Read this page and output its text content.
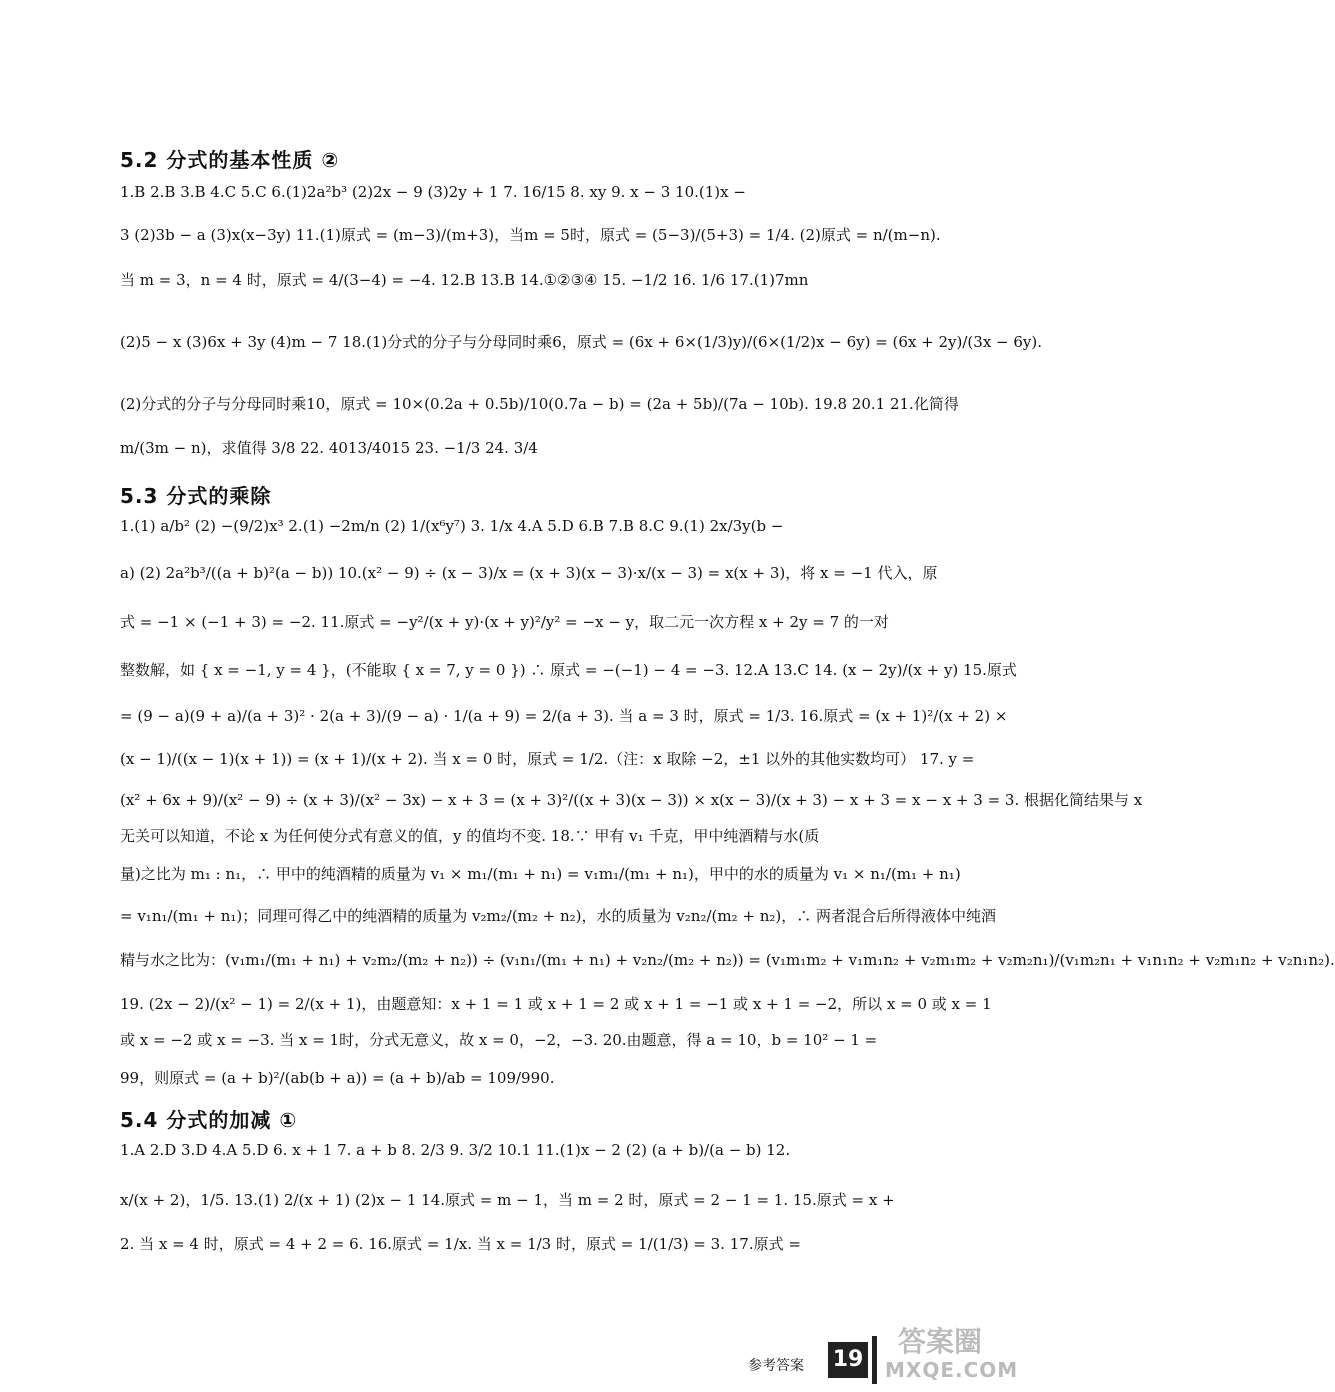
5.2 分式的基本性质 ②
1.B 2.B 3.B 4.C 5.C 6.(1)2a²b³ (2)2x − 9 (3)2y + 1 7. 16/15 8. xy 9. x − 3 10.(1)x −
3 (2)3b − a (3)x(x−3y) 11.(1)原式 = (m−3)/(m+3)，当m = 5时，原式 = (5−3)/(5+3) = 1/4. (2)原式 = n/(m−n).
当 m = 3，n = 4 时，原式 = 4/(3−4) = −4. 12.B 13.B 14.①②③④ 15. −1/2 16. 1/6 17.(1)7mn
(2)5 − x (3)6x + 3y (4)m − 7 18.(1)分式的分子与分母同时乘6，原式 = (6x + 6×(1/3)y)/(6×(1/2)x − 6y) = (6x + 2y)/(3x − 6y).
(2)分式的分子与分母同时乘10，原式 = 10×(0.2a + 0.5b)/10(0.7a − b) = (2a + 5b)/(7a − 10b). 19.8 20.1 21.化简得
m/(3m − n)，求值得 3/8 22. 4013/4015 23. −1/3 24. 3/4
5.3 分式的乘除
1.(1) a/b² (2) −(9/2)x³ 2.(1) −2m/n (2) 1/(x⁶y⁷) 3. 1/x 4.A 5.D 6.B 7.B 8.C 9.(1) 2x/3y(b −
a) (2) 2a²b³/((a + b)²(a − b)) 10.(x² − 9) ÷ (x − 3)/x = (x + 3)(x − 3)·x/(x − 3) = x(x + 3)，将 x = −1 代入，原
式 = −1 × (−1 + 3) = −2. 11.原式 = −y²/(x + y)·(x + y)²/y² = −x − y，取二元一次方程 x + 2y = 7 的一对
整数解，如 { x = −1, y = 4 }，(不能取 { x = 7, y = 0 }) ∴ 原式 = −(−1) − 4 = −3. 12.A 13.C 14. (x − 2y)/(x + y) 15.原式
= (9 − a)(9 + a)/(a + 3)² · 2(a + 3)/(9 − a) · 1/(a + 9) = 2/(a + 3). 当 a = 3 时，原式 = 1/3. 16.原式 = (x + 1)²/(x + 2) ×
(x − 1)/((x − 1)(x + 1)) = (x + 1)/(x + 2). 当 x = 0 时，原式 = 1/2.（注：x 取除 −2，±1 以外的其他实数均可） 17. y =
(x² + 6x + 9)/(x² − 9) ÷ (x + 3)/(x² − 3x) − x + 3 = (x + 3)²/((x + 3)(x − 3)) × x(x − 3)/(x + 3) − x + 3 = x − x + 3 = 3. 根据化简结果与 x
无关可以知道，不论 x 为任何使分式有意义的值，y 的值均不变. 18.∵ 甲有 v₁ 千克，甲中纯酒精与水(质
量)之比为 m₁ : n₁，∴ 甲中的纯酒精的质量为 v₁ × m₁/(m₁ + n₁) = v₁m₁/(m₁ + n₁)，甲中的水的质量为 v₁ × n₁/(m₁ + n₁)
= v₁n₁/(m₁ + n₁)；同理可得乙中的纯酒精的质量为 v₂m₂/(m₂ + n₂)，水的质量为 v₂n₂/(m₂ + n₂)，∴ 两者混合后所得液体中纯酒
精与水之比为：(v₁m₁/(m₁ + n₁) + v₂m₂/(m₂ + n₂)) ÷ (v₁n₁/(m₁ + n₁) + v₂n₂/(m₂ + n₂)) = (v₁m₁m₂ + v₁m₁n₂ + v₂m₁m₂ + v₂m₂n₁)/(v₁m₂n₁ + v₁n₁n₂ + v₂m₁n₂ + v₂n₁n₂).
19. (2x − 2)/(x² − 1) = 2/(x + 1)，由题意知：x + 1 = 1 或 x + 1 = 2 或 x + 1 = −1 或 x + 1 = −2，所以 x = 0 或 x = 1
或 x = −2 或 x = −3. 当 x = 1时，分式无意义，故 x = 0，−2，−3. 20.由题意，得 a = 10，b = 10² − 1 =
99，则原式 = (a + b)²/(ab(b + a)) = (a + b)/ab = 109/990.
5.4 分式的加减 ①
1.A 2.D 3.D 4.A 5.D 6. x + 1 7. a + b 8. 2/3 9. 3/2 10.1 11.(1)x − 2 (2) (a + b)/(a − b) 12.
x/(x + 2)，1/5. 13.(1) 2/(x + 1) (2)x − 1 14.原式 = m − 1，当 m = 2 时，原式 = 2 − 1 = 1. 15.原式 = x +
2. 当 x = 4 时，原式 = 4 + 2 = 6. 16.原式 = 1/x. 当 x = 1/3 时，原式 = 1/(1/3) = 3. 17.原式 =
参考答案 19
答案圈
MXQE.COM
